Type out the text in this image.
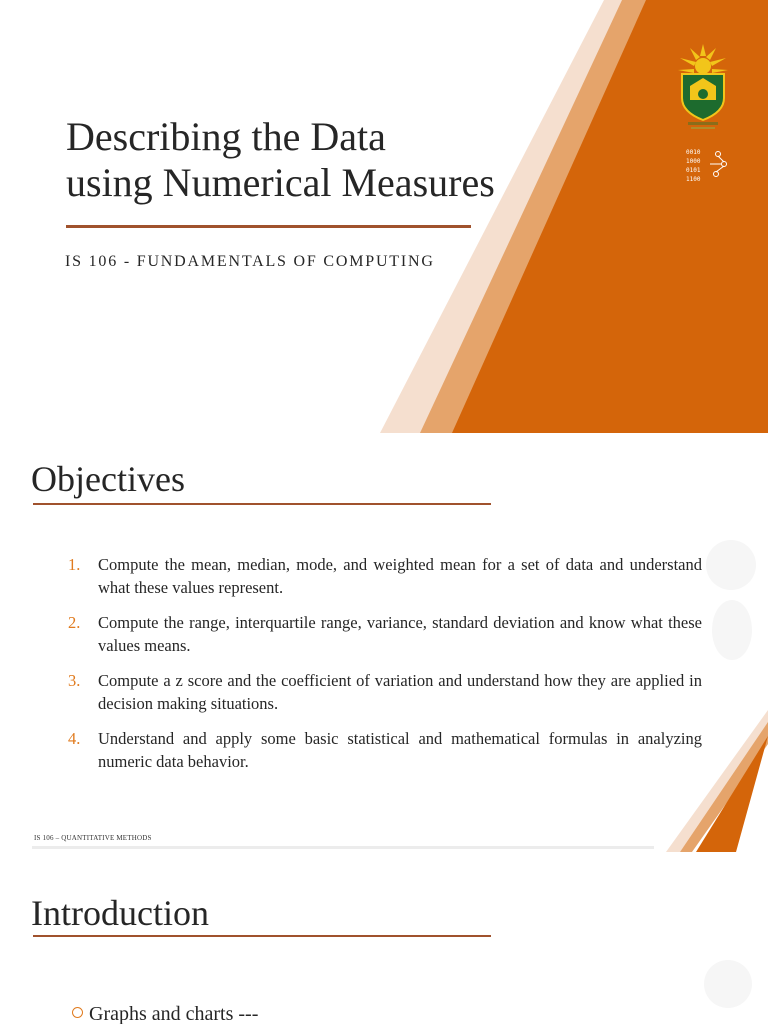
Describing the Data
using Numerical Measures
IS 106 - FUNDAMENTALS OF COMPUTING
0010
1000
0101
1100
Objectives
1. Compute the mean, median, mode, and weighted mean for a set of data and understand what these values represent.
2. Compute the range, interquartile range, variance, standard deviation and know what these values means.
3. Compute a z score and the coefficient of variation and understand how they are applied in decision making situations.
4. Understand and apply some basic statistical and mathematical formulas in analyzing numeric data behavior.
IS 106 – QUANTITATIVE METHODS
Introduction
Graphs and charts ---
